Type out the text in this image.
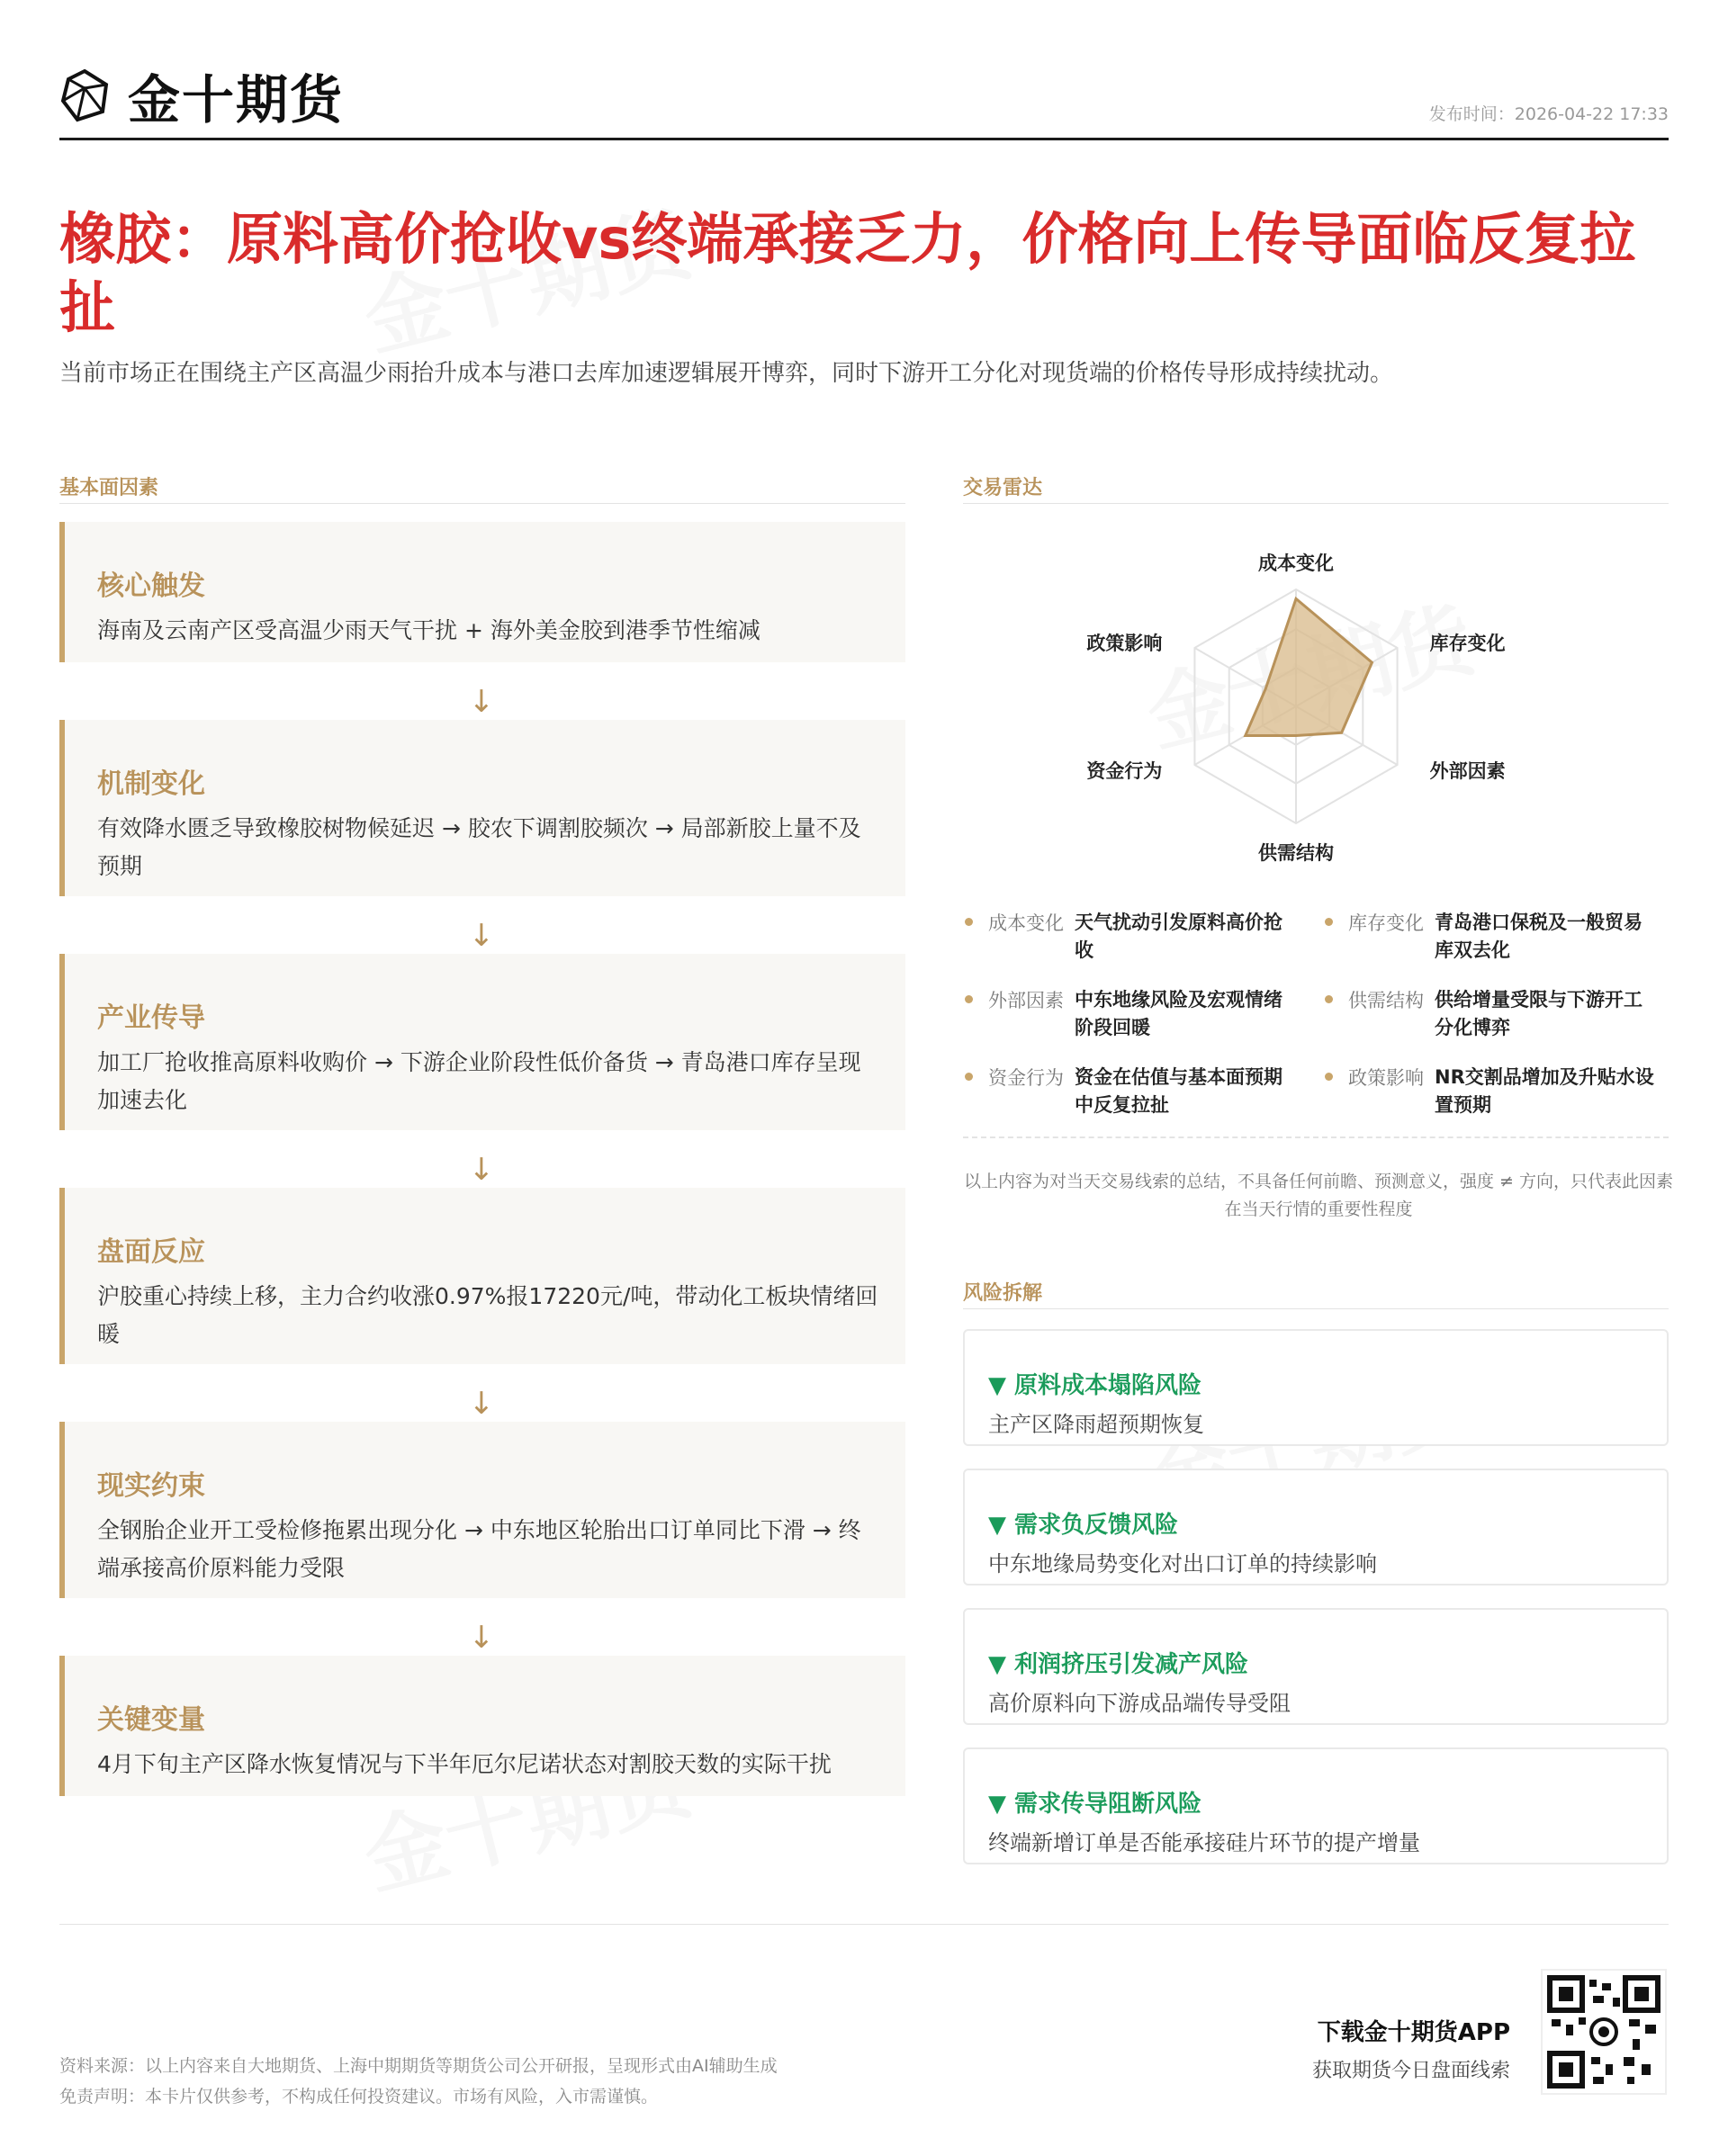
金十期货	发布时间：2026-04-22 17:33
橡胶：原料高价抢收vs终端承接乏力，价格向上传导面临反复拉扯
当前市场正在围绕主产区高温少雨抬升成本与港口去库加速逻辑展开博弈，同时下游开工分化对现货端的价格传导形成持续扰动。
基本面因素
核心触发
海南及云南产区受高温少雨天气干扰 + 海外美金胶到港季节性缩减
↓
机制变化
有效降水匮乏导致橡胶树物候延迟 → 胶农下调割胶频次 → 局部新胶上量不及预期
↓
产业传导
加工厂抢收推高原料收购价 → 下游企业阶段性低价备货 → 青岛港口库存呈现加速去化
↓
盘面反应
沪胶重心持续上移，主力合约收涨0.97%报17220元/吨，带动化工板块情绪回暖
↓
现实约束
全钢胎企业开工受检修拖累出现分化 → 中东地区轮胎出口订单同比下滑 → 终端承接高价原料能力受限
↓
关键变量
4月下旬主产区降水恢复情况与下半年厄尔尼诺状态对割胶天数的实际干扰
交易雷达
成本变化
库存变化
外部因素
供需结构
资金行为
政策影响
成本变化 天气扰动引发原料高价抢收
库存变化 青岛港口保税及一般贸易库双去化
外部因素 中东地缘风险及宏观情绪阶段回暖
供需结构 供给增量受限与下游开工分化博弈
资金行为 资金在估值与基本面预期中反复拉扯
政策影响 NR交割品增加及升贴水设置预期
以上内容为对当天交易线索的总结，不具备任何前瞻、预测意义，强度 ≠ 方向，只代表此因素在当天行情的重要性程度
风险拆解
▼ 原料成本塌陷风险
主产区降雨超预期恢复
▼ 需求负反馈风险
中东地缘局势变化对出口订单的持续影响
▼ 利润挤压引发减产风险
高价原料向下游成品端传导受阻
▼ 需求传导阻断风险
终端新增订单是否能承接硅片环节的提产增量
资料来源：以上内容来自大地期货、上海中期期货等期货公司公开研报，呈现形式由AI辅助生成
免责声明：本卡片仅供参考，不构成任何投资建议。市场有风险，入市需谨慎。
下载金十期货APP
获取期货今日盘面线索
